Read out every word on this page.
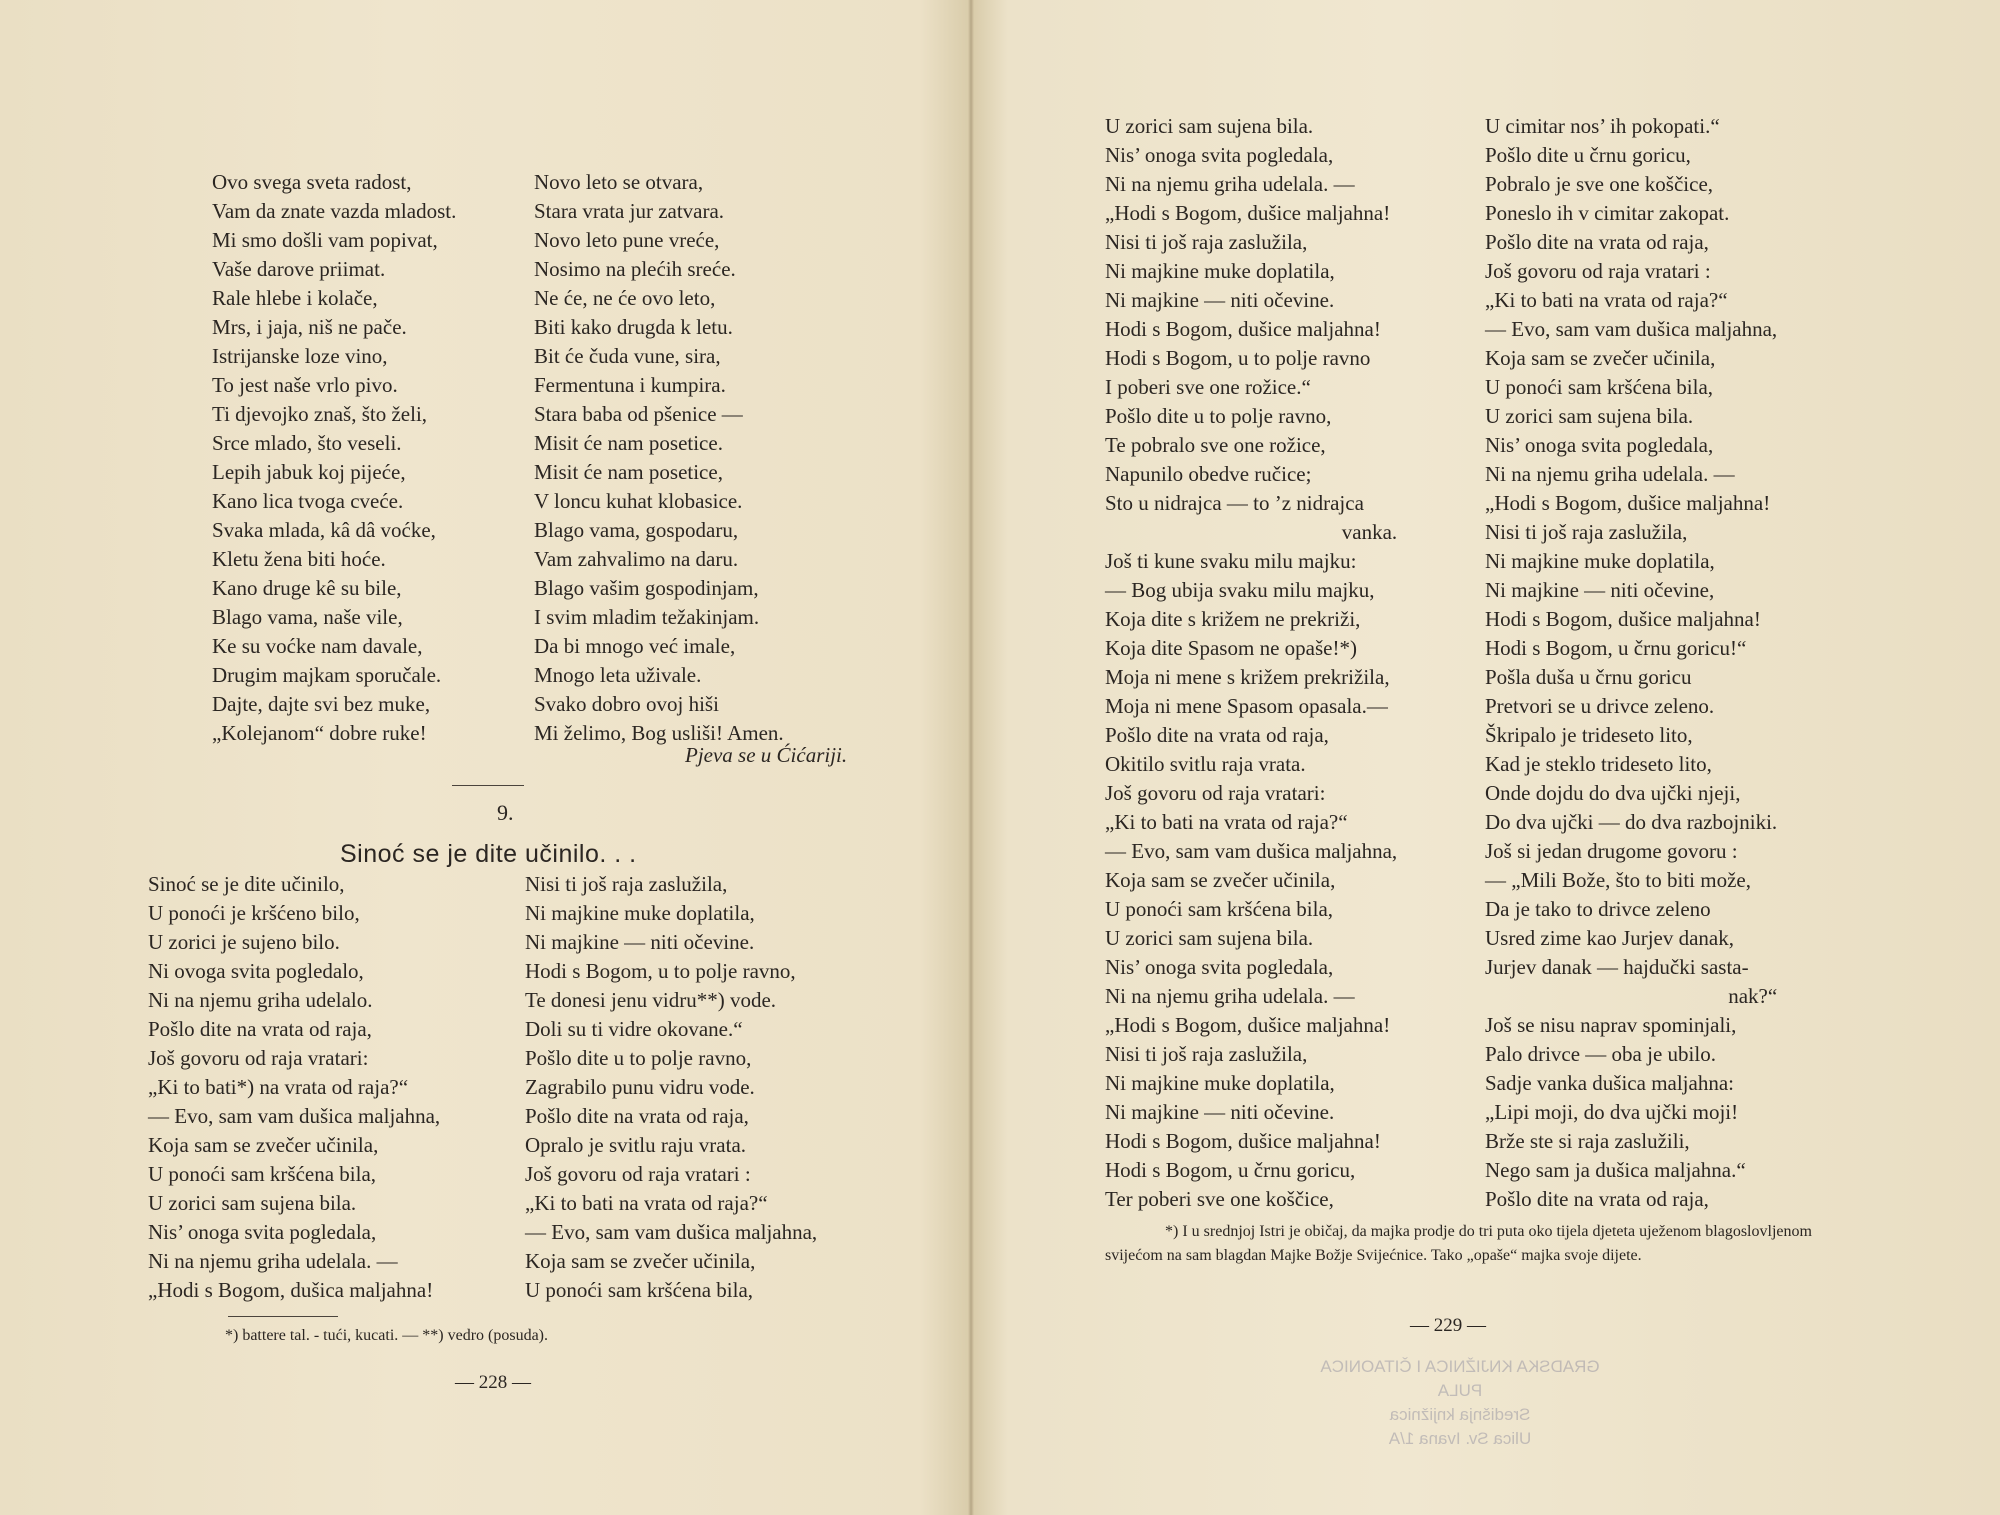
Ovo svega sveta radost,
Vam da znate vazda mladost.
Mi smo došli vam popivat,
Vaše darove priimat.
Rale hlebe i kolače,
Mrs, i jaja, niš ne pače.
Istrijanske loze vino,
To jest naše vrlo pivo.
Ti djevojko znaš, što želi,
Srce mlado, što veseli.
Lepih jabuk koj pijeće,
Kano lica tvoga cveće.
Svaka mlada, kâ dâ voćke,
Kletu žena biti hoće.
Kano druge kê su bile,
Blago vama, naše vile,
Ke su voćke nam davale,
Drugim majkam sporučale.
Dajte, dajte svi bez muke,
„Kolejanom“ dobre ruke!
Novo leto se otvara,
Stara vrata jur zatvara.
Novo leto pune vreće,
Nosimo na plećih sreće.
Ne će, ne će ovo leto,
Biti kako drugda k letu.
Bit će čuda vune, sira,
Fermentuna i kumpira.
Stara baba od pšenice —
Misit će nam posetice.
Misit će nam posetice,
V loncu kuhat klobasice.
Blago vama, gospodaru,
Vam zahvalimo na daru.
Blago vašim gospodinjam,
I svim mladim težakinjam.
Da bi mnogo već imale,
Mnogo leta uživale.
Svako dobro ovoj hiši
Mi želimo, Bog usliši! Amen.
Pjeva se u Ćićariji.
9.
Sinoć se je dite učinilo. . .
Sinoć se je dite učinilo,
U ponoći je kršćeno bilo,
U zorici je sujeno bilo.
Ni ovoga svita pogledalo,
Ni na njemu griha udelalo.
Pošlo dite na vrata od raja,
Još govoru od raja vratari:
„Ki to bati*) na vrata od raja?“
— Evo, sam vam dušica maljahna,
Koja sam se zvečer učinila,
U ponoći sam kršćena bila,
U zorici sam sujena bila.
Nis’ onoga svita pogledala,
Ni na njemu griha udelala. —
„Hodi s Bogom, dušica maljahna!
Nisi ti još raja zaslužila,
Ni majkine muke doplatila,
Ni majkine — niti očevine.
Hodi s Bogom, u to polje ravno,
Te donesi jenu vidru**) vode.
Doli su ti vidre okovane.“
Pošlo dite u to polje ravno,
Zagrabilo punu vidru vode.
Pošlo dite na vrata od raja,
Opralo je svitlu raju vrata.
Još govoru od raja vratari :
„Ki to bati na vrata od raja?“
— Evo, sam vam dušica maljahna,
Koja sam se zvečer učinila,
U ponoći sam kršćena bila,
*) battere tal. - tući, kucati. — **) vedro (posuda).
— 228 —
U zorici sam sujena bila.
Nis’ onoga svita pogledala,
Ni na njemu griha udelala. —
„Hodi s Bogom, dušice maljahna!
Nisi ti još raja zaslužila,
Ni majkine muke doplatila,
Ni majkine — niti očevine.
Hodi s Bogom, dušice maljahna!
Hodi s Bogom, u to polje ravno
I poberi sve one rožice.“
Pošlo dite u to polje ravno,
Te pobralo sve one rožice,
Napunilo obedve ručice;
Sto u nidrajca — to ’z nidrajca
vanka.
Još ti kune svaku milu majku:
— Bog ubija svaku milu majku,
Koja dite s križem ne prekriži,
Koja dite Spasom ne opaše!*)
Moja ni mene s križem prekrižila,
Moja ni mene Spasom opasala.—
Pošlo dite na vrata od raja,
Okitilo svitlu raja vrata.
Još govoru od raja vratari:
„Ki to bati na vrata od raja?“
— Evo, sam vam dušica maljahna,
Koja sam se zvečer učinila,
U ponoći sam kršćena bila,
U zorici sam sujena bila.
Nis’ onoga svita pogledala,
Ni na njemu griha udelala. —
„Hodi s Bogom, dušice maljahna!
Nisi ti još raja zaslužila,
Ni majkine muke doplatila,
Ni majkine — niti očevine.
Hodi s Bogom, dušice maljahna!
Hodi s Bogom, u črnu goricu,
Ter poberi sve one koščice,
U cimitar nos’ ih pokopati.“
Pošlo dite u črnu goricu,
Pobralo je sve one koščice,
Poneslo ih v cimitar zakopat.
Pošlo dite na vrata od raja,
Još govoru od raja vratari :
„Ki to bati na vrata od raja?“
— Evo, sam vam dušica maljahna,
Koja sam se zvečer učinila,
U ponoći sam kršćena bila,
U zorici sam sujena bila.
Nis’ onoga svita pogledala,
Ni na njemu griha udelala. —
„Hodi s Bogom, dušice maljahna!
Nisi ti još raja zaslužila,
Ni majkine muke doplatila,
Ni majkine — niti očevine,
Hodi s Bogom, dušice maljahna!
Hodi s Bogom, u črnu goricu!“
Pošla duša u črnu goricu
Pretvori se u drivce zeleno.
Škripalo je trideseto lito,
Kad je steklo trideseto lito,
Onde dojdu do dva ujčki njeji,
Do dva ujčki — do dva razbojniki.
Još si jedan drugome govoru :
— „Mili Bože, što to biti može,
Da je tako to drivce zeleno
Usred zime kao Jurjev danak,
Jurjev danak — hajdučki sasta-
nak?“
Još se nisu naprav spominjali,
Palo drivce — oba je ubilo.
Sadje vanka dušica maljahna:
„Lipi moji, do dva ujčki moji!
Brže ste si raja zaslužili,
Nego sam ja dušica maljahna.“
Pošlo dite na vrata od raja,
*) I u srednjoj Istri je običaj, da majka prodje do tri puta oko tijela djeteta uježenom blagoslovljenom svijećom na sam blagdan Majke Božje Svijećnice. Tako „opaše“ majka svoje dijete.
— 229 —
GRADSKA KNJIŽNICA I ČITAONICA
PULA
Središnja knjižnica
Ulica Sv. Ivana 1/A
